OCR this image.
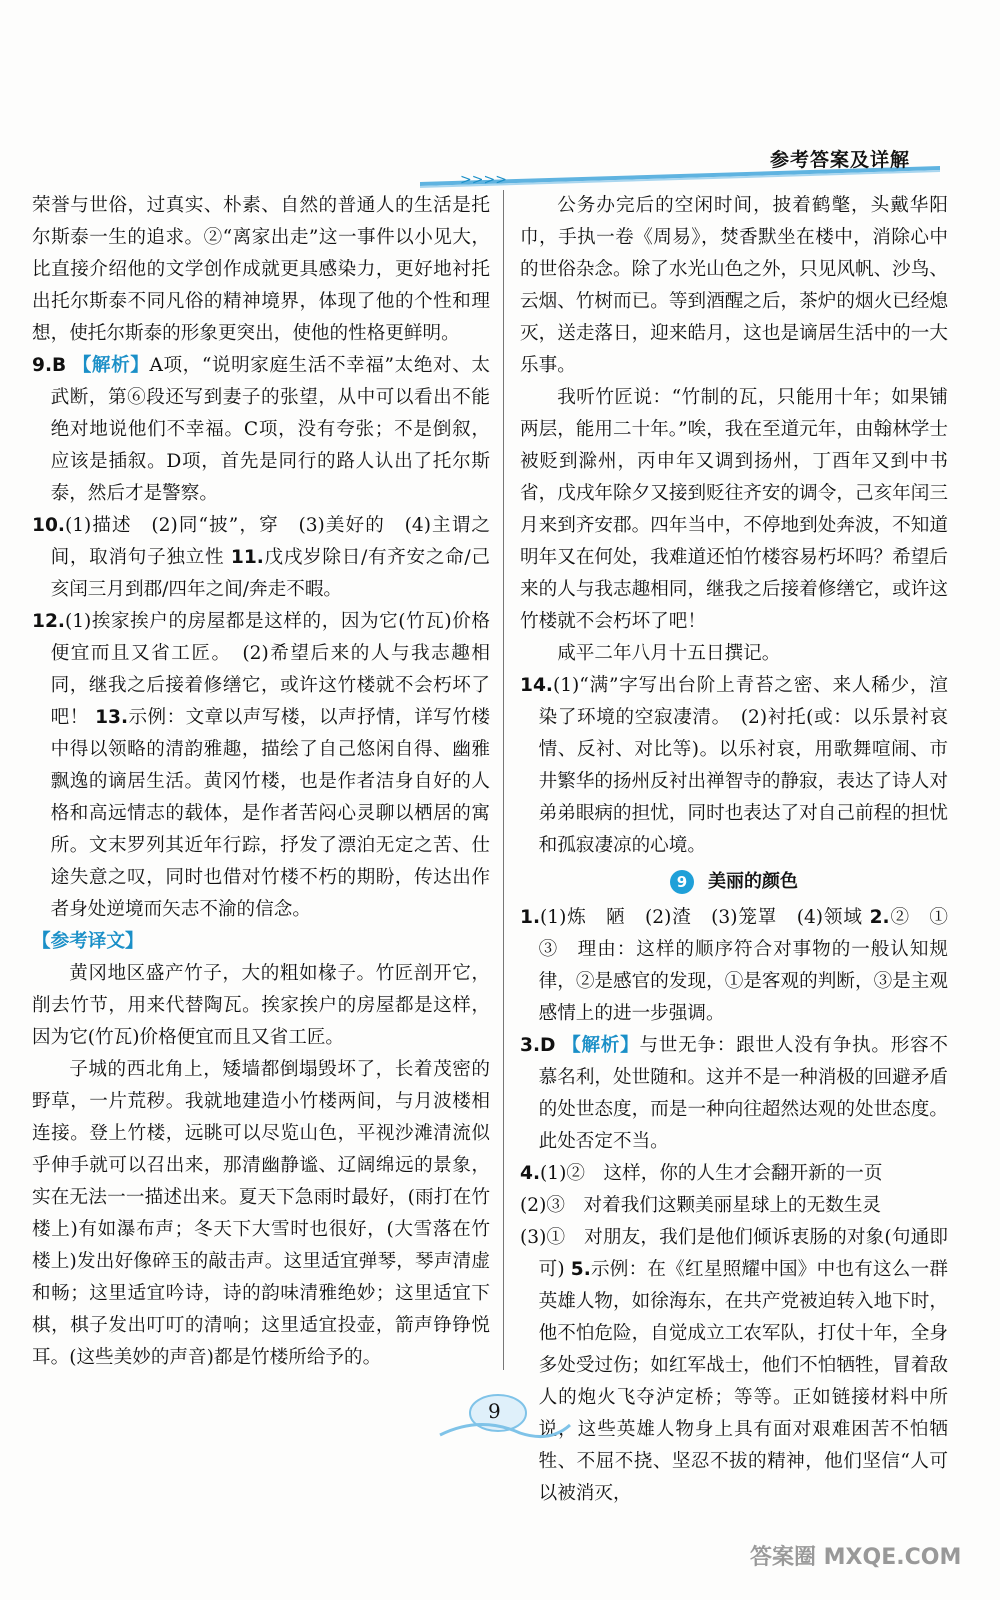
>>>>
参考答案及详解

荣誉与世俗，过真实、朴素、自然的普通人的生活是托尔斯泰一生的追求。②“离家出走”这一事件以小见大，比直接介绍他的文学创作成就更具感染力，更好地衬托出托尔斯泰不同凡俗的精神境界，体现了他的个性和理想，使托尔斯泰的形象更突出，使他的性格更鲜明。

9.B 【解析】A项，“说明家庭生活不幸福”太绝对、太武断，第⑥段还写到妻子的张望，从中可以看出不能绝对地说他们不幸福。C项，没有夸张；不是倒叙，应该是插叙。D项，首先是同行的路人认出了托尔斯泰，然后才是警察。

10.(1)描述　(2)同“披”，穿　(3)美好的　(4)主谓之间，取消句子独立性 11.戊戌岁除日/有齐安之命/己亥闰三月到郡/四年之间/奔走不暇。

12.(1)挨家挨户的房屋都是这样的，因为它(竹瓦)价格便宜而且又省工匠。　(2)希望后来的人与我志趣相同，继我之后接着修缮它，或许这竹楼就不会朽坏了吧！ 13.示例：文章以声写楼，以声抒情，详写竹楼中得以领略的清韵雅趣，描绘了自己悠闲自得、幽雅飘逸的谪居生活。黄冈竹楼，也是作者洁身自好的人格和高远情志的载体，是作者苦闷心灵聊以栖居的寓所。文末罗列其近年行踪，抒发了漂泊无定之苦、仕途失意之叹，同时也借对竹楼不朽的期盼，传达出作者身处逆境而矢志不渝的信念。

【参考译文】

黄冈地区盛产竹子，大的粗如椽子。竹匠剖开它，削去竹节，用来代替陶瓦。挨家挨户的房屋都是这样，因为它(竹瓦)价格便宜而且又省工匠。

子城的西北角上，矮墙都倒塌毁坏了，长着茂密的野草，一片荒秽。我就地建造小竹楼两间，与月波楼相连接。登上竹楼，远眺可以尽览山色，平视沙滩清流似乎伸手就可以召出来，那清幽静谧、辽阔绵远的景象，实在无法一一描述出来。夏天下急雨时最好，(雨打在竹楼上)有如瀑布声；冬天下大雪时也很好，(大雪落在竹楼上)发出好像碎玉的敲击声。这里适宜弹琴，琴声清虚和畅；这里适宜吟诗，诗的韵味清雅绝妙；这里适宜下棋，棋子发出叮叮的清响；这里适宜投壶，箭声铮铮悦耳。(这些美妙的声音)都是竹楼所给予的。

公务办完后的空闲时间，披着鹤氅，头戴华阳巾，手执一卷《周易》，焚香默坐在楼中，消除心中的世俗杂念。除了水光山色之外，只见风帆、沙鸟、云烟、竹树而已。等到酒醒之后，茶炉的烟火已经熄灭，送走落日，迎来皓月，这也是谪居生活中的一大乐事。

我听竹匠说：“竹制的瓦，只能用十年；如果铺两层，能用二十年。”唉，我在至道元年，由翰林学士被贬到滁州，丙申年又调到扬州，丁酉年又到中书省，戊戌年除夕又接到贬往齐安的调令，己亥年闰三月来到齐安郡。四年当中，不停地到处奔波，不知道明年又在何处，我难道还怕竹楼容易朽坏吗？希望后来的人与我志趣相同，继我之后接着修缮它，或许这竹楼就不会朽坏了吧！

咸平二年八月十五日撰记。

14.(1)“满”字写出台阶上青苔之密、来人稀少，渲染了环境的空寂凄清。　(2)衬托(或：以乐景衬哀情、反衬、对比等)。以乐衬哀，用歌舞喧闹、市井繁华的扬州反衬出禅智寺的静寂，表达了诗人对弟弟眼病的担忧，同时也表达了对自己前程的担忧和孤寂凄凉的心境。

9 美丽的颜色

1.(1)炼　陋　(2)渣　(3)笼罩　(4)领域 2.②　①　③　理由：这样的顺序符合对事物的一般认知规律，②是感官的发现，①是客观的判断，③是主观感情上的进一步强调。

3.D 【解析】与世无争：跟世人没有争执。形容不慕名利，处世随和。这并不是一种消极的回避矛盾的处世态度，而是一种向往超然达观的处世态度。此处否定不当。

4.(1)②　这样，你的人生才会翻开新的一页

(2)③　对着我们这颗美丽星球上的无数生灵

(3)①　对朋友，我们是他们倾诉衷肠的对象(句通即可) 5.示例：在《红星照耀中国》中也有这么一群英雄人物，如徐海东，在共产党被迫转入地下时，他不怕危险，自觉成立工农军队，打仗十年，全身多处受过伤；如红军战士，他们不怕牺牲，冒着敌人的炮火飞夺泸定桥；等等。正如链接材料中所说，这些英雄人物身上具有面对艰难困苦不怕牺牲、不屈不挠、坚忍不拔的精神，他们坚信“人可以被消灭，

9
答案圈 MXQE.COM
